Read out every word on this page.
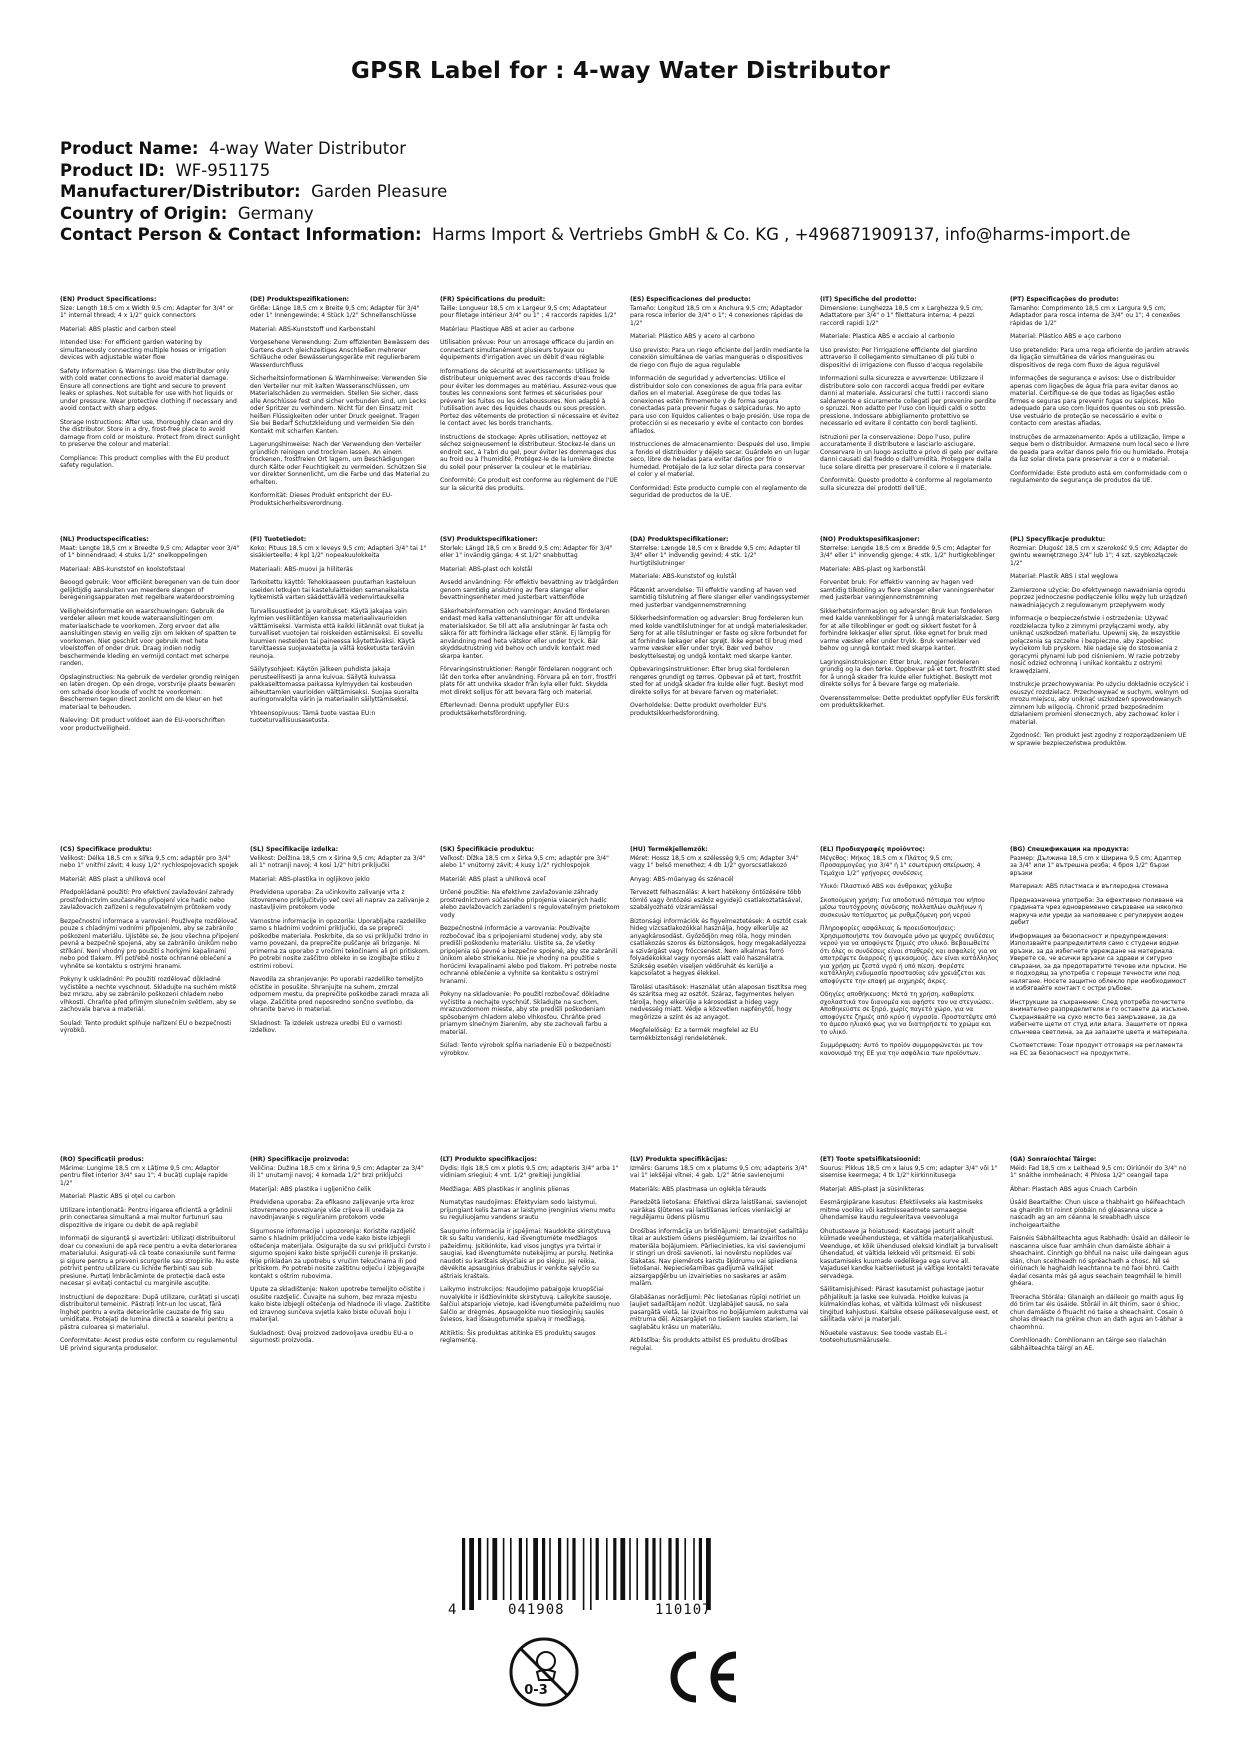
GPSR Label for : 4-way Water Distributor
Product Name: 4-way Water Distributor
Product ID: WF-951175
Manufacturer/Distributor: Garden Pleasure
Country of Origin: Germany
Contact Person & Contact Information: Harms Import & Vertriebs GmbH & Co. KG , +496871909137, info@harms-import.de

(EN) Product Specifications:

Size: Length 18.5 cm x Width 9.5 cm; Adapter for 3/4" or 1" internal thread; 4 x 1/2" quick connectors

Material: ABS plastic and carbon steel

Intended Use: For efficient garden watering by simultaneously connecting multiple hoses or irrigation devices with adjustable water flow

Safety Information & Warnings: Use the distributor only with cold water connections to avoid material damage. Ensure all connections are tight and secure to prevent leaks or splashes. Not suitable for use with hot liquids or under pressure. Wear protective clothing if necessary and avoid contact with sharp edges.

Storage Instructions: After use, thoroughly clean and dry the distributor. Store in a dry, frost-free place to avoid damage from cold or moisture. Protect from direct sunlight to preserve the colour and material.

Compliance: This product complies with the EU product safety regulation.

(DE) Produktspezifikationen:

Größe: Länge 18,5 cm x Breite 9,5 cm; Adapter für 3/4" oder 1" Innengewinde; 4 Stück 1/2" Schnellanschlüsse

Material: ABS-Kunststoff und Karbonstahl

Vorgesehene Verwendung: Zum effizienten Bewässern des Gartens durch gleichzeitiges Anschließen mehrerer Schläuche oder Bewässerungsgeräte mit regulierbarem Wasserdurchfluss

Sicherheitsinformationen & Warnhinweise: Verwenden Sie den Verteiler nur mit kalten Wasseranschlüssen, um Materialschäden zu vermeiden. Stellen Sie sicher, dass alle Anschlüsse fest und sicher verbunden sind, um Lecks oder Spritzer zu verhindern. Nicht für den Einsatz mit heißen Flüssigkeiten oder unter Druck geeignet. Tragen Sie bei Bedarf Schutzkleidung und vermeiden Sie den Kontakt mit scharfen Kanten.

Lagerungshinweise: Nach der Verwendung den Verteiler gründlich reinigen und trocknen lassen. An einem trockenen, frostfreien Ort lagern, um Beschädigungen durch Kälte oder Feuchtigkeit zu vermeiden. Schützen Sie vor direkter Sonnenlicht, um die Farbe und das Material zu erhalten.

Konformität: Dieses Produkt entspricht der EU-Produktsicherheitsverordnung.

(FR) Spécifications du produit:

Taille: Longueur 18,5 cm x Largeur 9,5 cm; Adaptateur pour filetage intérieur 3/4" ou 1" ; 4 raccords rapides 1/2"

Matériau: Plastique ABS et acier au carbone

Utilisation prévue: Pour un arrosage efficace du jardin en connectant simultanément plusieurs tuyaux ou équipements d'irrigation avec un débit d'eau réglable

Informations de sécurité et avertissements: Utilisez le distributeur uniquement avec des raccords d'eau froide pour éviter les dommages au matériau. Assurez-vous que toutes les connexions sont fermes et sécurisées pour prévenir les fuites ou les éclaboussures. Non adapté à l'utilisation avec des liquides chauds ou sous pression. Portez des vêtements de protection si nécessaire et évitez le contact avec les bords tranchants.

Instructions de stockage: Après utilisation, nettoyez et séchez soigneusement le distributeur. Stockez-le dans un endroit sec, à l'abri du gel, pour éviter les dommages dus au froid ou à l'humidité. Protégez-le de la lumière directe du soleil pour préserver la couleur et le matériau.

Conformité: Ce produit est conforme au règlement de l'UE sur la sécurité des produits.

(ES) Especificaciones del producto:

Tamaño: Longitud 18,5 cm x Anchura 9,5 cm; Adaptador para rosca interior de 3/4" o 1"; 4 conexiones rápidas de 1/2"

Material: Plástico ABS y acero al carbono

Uso previsto: Para un riego eficiente del jardín mediante la conexión simultánea de varias mangueras o dispositivos de riego con flujo de agua regulable

Información de seguridad y advertencias: Utilice el distribuidor solo con conexiones de agua fría para evitar daños en el material. Asegúrese de que todas las conexiones estén firmemente y de forma segura conectadas para prevenir fugas o salpicaduras. No apto para uso con líquidos calientes o bajo presión. Use ropa de protección si es necesario y evite el contacto con bordes afilados.

Instrucciones de almacenamiento: Después del uso, limpie a fondo el distribuidor y déjelo secar. Guárdelo en un lugar seco, libre de heladas para evitar daños por frío o humedad. Protéjalo de la luz solar directa para conservar el color y el material.

Conformidad: Este producto cumple con el reglamento de seguridad de productos de la UE.

(IT) Specifiche del prodotto:

Dimensione: Lunghezza 18,5 cm x Larghezza 9,5 cm; Adattatore per 3/4" o 1" filettatura interna; 4 pezzi raccordi rapidi 1/2"

Materiale: Plastica ABS e acciaio al carbonio

Uso previsto: Per l'irrigazione efficiente del giardino attraverso il collegamento simultaneo di più tubi o dispositivi di irrigazione con flusso d'acqua regolabile

Informazioni sulla sicurezza e avvertenze: Utilizzare il distributore solo con raccordi acqua freddi per evitare danni al materiale. Assicurarsi che tutti i raccordi siano saldamente e sicuramente collegati per prevenire perdite o spruzzi. Non adatto per l'uso con liquidi caldi o sotto pressione. Indossare abbigliamento protettivo se necessario ed evitare il contatto con bordi taglienti.

Istruzioni per la conservazione: Dopo l'uso, pulire accuratamente il distributore e lasciarlo asciugare. Conservare in un luogo asciutto e privo di gelo per evitare danni causati dal freddo o dall'umidità. Proteggere dalla luce solare diretta per preservare il colore e il materiale.

Conformità: Questo prodotto è conforme al regolamento sulla sicurezza dei prodotti dell'UE.

(PT) Especificações do produto:

Tamanho: Comprimento 18,5 cm x Largura 9,5 cm; Adaptador para rosca interna de 3/4" ou 1"; 4 conexões rápidas de 1/2"

Material: Plástico ABS e aço carbono

Uso pretendido: Para uma rega eficiente do jardim através da ligação simultânea de vários mangueiras ou dispositivos de rega com fluxo de água regulável

Informações de segurança e avisos: Use o distribuidor apenas com ligações de água fria para evitar danos ao material. Certifique-se de que todas as ligações estão firmes e seguras para prevenir fugas ou salpicos. Não adequado para uso com líquidos quentes ou sob pressão. Use vestuário de proteção se necessário e evite o contacto com arestas afiadas.

Instruções de armazenamento: Após a utilização, limpe e seque bem o distribuidor. Armazene num local seco e livre de geada para evitar danos pelo frio ou humidade. Proteja da luz solar direta para preservar a cor e o material.

Conformidade: Este produto está em conformidade com o regulamento de segurança de produtos da UE.

(NL) Productspecificaties:

Maat: Lengte 18,5 cm x Breedte 9,5 cm; Adapter voor 3/4" of 1" binnendraad; 4 stuks 1/2" snelkoppelingen

Materiaal: ABS-kunststof en koolstofstaal

Beoogd gebruik: Voor efficiënt beregenen van de tuin door gelijktijdig aansluiten van meerdere slangen of beregeningsapparaten met regelbare waterdoorstroming

Veiligheidsinformatie en waarschuwingen: Gebruik de verdeler alleen met koude wateraansluitingen om materiaalschade te voorkomen. Zorg ervoor dat alle aansluitingen stevig en veilig zijn om lekken of spatten te voorkomen. Niet geschikt voor gebruik met hete vloeistoffen of onder druk. Draag indien nodig beschermende kleding en vermijd contact met scherpe randen.

Opslaginstructies: Na gebruik de verdeler grondig reinigen en laten drogen. Op een droge, vorstvrije plaats bewaren om schade door koude of vocht te voorkomen. Beschermen tegen direct zonlicht om de kleur en het materiaal te behouden.

Naleving: Dit product voldoet aan de EU-voorschriften voor productveiligheid.

(FI) Tuotetiedot:

Koko: Pituus 18,5 cm x leveys 9,5 cm; Adapteri 3/4" tai 1" sisäkierteelle; 4 kpl 1/2" nopeakuulokkeita

Materiaali: ABS-muovi ja hiiliteräs

Tarkoitettu käyttö: Tehokkaaseen puutarhan kasteluun useiden letkujen tai kastelulaitteiden samanaikaista kytkemistä varten säädettävällä vedenvirtauksella

Turvallisuustiedot ja varoitukset: Käytä jakajaa vain kylmien vesiliitäntöjen kanssa materiaalivaurioiden välttämiseksi. Varmista että kaikki liitännät ovat tiukat ja turvalliset vuotojen tai roiskeiden estämiseksi. Ei sovellu kuumien nesteiden tai paineessa käytettäväksi. Käytä tarvittaessa suojavaatetta ja vältä kosketusta teräviin reunoja.

Säilytysohjeet: Käytön jälkeen puhdista jakaja perusteellisesti ja anna kuivua. Säilytä kuivassa pakkaselttomassa paikassa kylmyyden tai kosteuden aiheuttamien vaurioiden välttämiseksi. Suojaa suoralta auringonvalolta värin ja materiaalin säilyttämiseksi.

Yhteensopivuus: Tämä tuote vastaa EU:n tuoteturvallisuusasetusta.

(SV) Produktspecifikationer:

Storlek: Längd 18,5 cm x Bredd 9,5 cm; Adapter för 3/4" eller 1" invändig gänga; 4 st 1/2" snabbuttag

Material: ABS-plast och kolstål

Avsedd användning: För effektiv bevattning av trädgården genom samtidig anslutning av flera slangar eller bevattningsenheter med justerbart vattenflöde

Säkerhetsinformation och varningar: Använd fördelaren endast med kalla vattenanslutningar för att undvika materialskador. Se till att alla anslutningar är fasta och säkra för att förhindra läckage eller stänk. Ej lämplig för användning med heta vätskor eller under tryck. Bär skyddsutrustning vid behov och undvik kontakt med skarpa kanter.

Förvaringsinstruktioner: Rengör fördelaren noggrant och låt den torka efter användning. Förvara på en torr, frostfri plats för att undvika skador från kyla eller fukt. Skydda mot direkt solljus för att bevara färg och material.

Efterlevnad: Denna produkt uppfyller EU:s produktsäkerhetsförordning.

(DA) Produktspecifikationer:

Størrelse: Længde 18,5 cm x Bredde 9,5 cm; Adapter til 3/4" eller 1" indvendig gevind; 4 stk. 1/2" hurtigtilslutninger

Materiale: ABS-kunststof og kulstål

Påtænkt anvendelse: Til effektiv vanding af haven ved samtidig tilslutning af flere slanger eller vandingssystemer med justerbar vandgennemstrømning

Sikkerhedsinformation og advarsler: Brug fordeleren kun med kolde vandtilslutninger for at undgå materialeskader. Sørg for at alle tilslutninger er faste og sikre forbundet for at forhindre lækager eller sprøjt. Ikke egnet til brug med varme væsker eller under tryk. Bær ved behov beskyttelsestøj og undgå kontakt med skarpe kanter.

Opbevaringsinstruktioner: Efter brug skal fordeleren rengøres grundigt og tørres. Opbevar på et tørt, frostfrit sted for at undgå skader fra kulde eller fugt. Beskyt mod direkte sollys for at bevare farven og materialet.

Overholdelse: Dette produkt overholder EU's produktsikkerhedsforordning.

(NO) Produktspesifikasjoner:

Størrelse: Lengde 18,5 cm x Bredde 9,5 cm; Adapter for 3/4" eller 1" innvendig gjenge; 4 stk. 1/2" hurtigkoblinger

Materiale: ABS-plast og karbonstål

Forventet bruk: For effektiv vanning av hagen ved samtidig tilkobling av flere slanger eller vanningsenheter med justerbar vanngjennomstrømning

Sikkerhetsinformasjon og advarsler: Bruk kun fordeleren med kalde vannkoblinger for å unngå materialskader. Sørg for at alle tilkoblinger er godt og sikkert festet for å forhindre lekkasjer eller sprut. Ikke egnet for bruk med varme væsker eller under trykk. Bruk verneklær ved behov og unngå kontakt med skarpe kanter.

Lagringsinstruksjoner: Etter bruk, rengjør fordeleren grundig og la den tørke. Oppbevar på et tørt, frostfritt sted for å unngå skader fra kulde eller fuktighet. Beskytt mot direkte sollys for å bevare farge og materiale.

Overensstemmelse: Dette produktet oppfyller EUs forskrift om produktsikkerhet.

(PL) Specyfikacje produktu:

Rozmiar: Długość 18,5 cm x szerokość 9,5 cm; Adapter do gwintu wewnętrznego 3/4" lub 1"; 4 szt. szybkozłączek 1/2"

Materiał: Plastik ABS i stal węglowa

Zamierzone użycie: Do efektywnego nawadniania ogrodu poprzez jednoczesne podłączenie kilku węży lub urządzeń nawadniających z regulowanym przepływem wody

Informacje o bezpieczeństwie i ostrzeżenia: Używać rozdzielacza tylko z zimnymi przyłączami wody, aby uniknąć uszkodzeń materiału. Upewnij się, że wszystkie połączenia są szczelne i bezpieczne, aby zapobiec wyciekom lub pryskom. Nie nadaje się do stosowania z gorącymi płynami lub pod ciśnieniem. W razie potrzeby nosić odzież ochronną i unikać kontaktu z ostrymi krawędziami.

Instrukcje przechowywania: Po użyciu dokładnie oczyścić i osuszyć rozdzielacz. Przechowywać w suchym, wolnym od mrozu miejscu, aby uniknąć uszkodzeń spowodowanych zimnem lub wilgocią. Chronić przed bezpośrednim działaniem promieni słonecznych, aby zachować kolor i materiał.

Zgodność: Ten produkt jest zgodny z rozporządzeniem UE w sprawie bezpieczeństwa produktów.

(CS) Specifikace produktu:

Velikost: Délka 18,5 cm x šířka 9,5 cm; adaptér pro 3/4" nebo 1" vnitřní závit; 4 kusy 1/2" rychlospojovacích spojek

Materiál: ABS plast a uhlíková ocel

Předpokládané použití: Pro efektivní zavlažování zahrady prostřednictvím současného připojení více hadic nebo zavlažovacích zařízení s regulovatelným průtokem vody

Bezpečnostní informace a varování: Používejte rozdělovač pouze s chladnými vodními přípojeními, aby se zabránilo poškození materiálu. Ujistěte se, že jsou všechna připojení pevná a bezpečně spojená, aby se zabránilo únikům nebo stříkání. Není vhodný pro použití s horkými kapalinami nebo pod tlakem. Při potřebě noste ochranné oblečení a vyhněte se kontaktu s ostrými hranami.

Pokyny k uskladnění: Po použití rozdělovač důkladně vyčistěte a nechte vyschnout. Skladujte na suchém místě bez mrazu, aby se zabránilo poškození chladem nebo vlhkostí. Chraňte před přímým slunečním světlem, aby se zachovala barva a materiál.

Soulad: Tento produkt splňuje nařízení EU o bezpečnosti výrobků.

(SL) Specifikacije izdelka:

Velikost: Dolžina 18,5 cm x širina 9,5 cm; Adapter za 3/4" ali 1" notranji navoj; 4 kosi 1/2" hitri priključki

Material: ABS-plastika in ogljikovo jeklo

Predvidena uporaba: Za učinkovito zalivanje vrta z istovremeno priključitvijo več cevi ali naprav za zalivanje z nastavljivim pretokom vode

Varnostne informacije in opozorila: Uporabljajte razdelilko samo s hladnimi vodnimi priključki, da se prepreči poškodbe materiala. Poskrbite, da so vsi priključki trdno in varno povezani, da preprečite puščanje ali brizganje. Ni primerna za uporabo z vročimi tekočinami ali pri pritiskom. Po potrebi nosite zaščitno obleko in se izogibajte stiku z ostrimi robovi.

Navodila za shranjevanje: Po uporabi razdelilko temeljito očistite in posušite. Shranjujte na suhem, zmrzal odpornem mestu, da preprečite poškodbe zaradi mraza ali vlage. Zaščitite pred neposredno sončno svetlobo, da ohranite barvo in material.

Skladnost: Ta izdelek ustreza uredbi EU o varnosti izdelkov.

(SK) Špecifikácie produktu:

Veľkosť: Dĺžka 18,5 cm x šírka 9,5 cm; adaptér pre 3/4" alebo 1" vnútorný závit; 4 kusy 1/2" rýchlospojok

Materiál: ABS plast a uhlíková oceľ

Určené použitie: Na efektívne zavlažovanie záhrady prostredníctvom súčasného pripojenia viacerých hadíc alebo zavlažovacích zariadení s regulovateľným prietokom vody

Bezpečnostné informácie a varovania: Používajte rozbočovač iba s pripojeniami studenej vody, aby ste predišli poškodeniu materiálu. Uistite sa, že všetky pripojenia sú pevné a bezpečne spojené, aby ste zabránili únikom alebo striekaniu. Nie je vhodný na použitie s horúcimi kvapalinami alebo pod tlakom. Pri potrebe noste ochranné oblečenie a vyhnite sa kontaktu s ostrými hranami.

Pokyny na skladovanie: Po použití rozbočovač dôkladne vyčistite a nechajte vyschnúť. Skladujte na suchom, mrazuvzdornom mieste, aby ste predišli poškodeniam spôsobeným chladom alebo vlhkosťou. Chráňte pred priamym slnečným žiarením, aby ste zachovali farbu a materiál.

Súlad: Tento výrobok spĺňa nariadenie EÚ o bezpečnosti výrobkov.

(HU) Termékjellemzők:

Méret: Hossz 18,5 cm x szélesség 9,5 cm; Adapter 3/4" vagy 1" belső menethez; 4 db 1/2" gyorscsatlakozó

Anyag: ABS-műanyag és szénacél

Tervezett felhasználás: A kert hatékony öntözésére több tömlő vagy öntözési eszköz egyidejű csatlakoztatásával, szabályozható vízáramlással

Biztonsági információk és figyelmeztetések: A osztót csak hideg vízcsatlakozókkal használja, hogy elkerülje az anyagkárosodást. Győződjön meg róla, hogy minden csatlakozás szoros és biztonságos, hogy megakadályozza a szivárgást vagy fröccsenést. Nem alkalmas forró folyadékokkal vagy nyomás alatt való használatra. Szükség esetén viseljen védőruhát és kerülje a kapcsolatot a hegyes élekkel.

Tárolási utasítások: Használat után alaposan tisztítsa meg és szárítsa meg az osztót. Száraz, fagymentes helyen tárolja, hogy elkerülje a károsodást a hideg vagy nedvesség miatt. Védje a közvetlen napfénytől, hogy megőrizze a színt és az anyagot.

Megfelelőség: Ez a termék megfelel az EU termékbiztonsági rendeletének.

(EL) Προδιαγραφές προϊόντος:

Μέγεθος: Μήκος 18,5 cm x Πλάτος 9,5 cm; Προσαρμογέας για 3/4" ή 1" εσωτερική σπείρωση; 4 Τεμάχια 1/2" γρήγορες συνδέσεις

Υλικό: Πλαστικό ABS και άνθρακας χάλυβα

Σκοπούμενη χρήση: Για αποδοτικό πότισμα του κήπου μέσω ταυτόχρονης σύνδεσης πολλαπλών σωλήνων ή συσκευών ποτίσματος με ρυθμιζόμενη ροή νερού

Πληροφορίες ασφάλειας & προειδοποιήσεις: Χρησιμοποιήστε τον διανομέα μόνο με ψυχρές συνδέσεις νερού για να αποφύγετε ζημιές στο υλικό. Βεβαιωθείτε ότι όλες οι συνδέσεις είναι σταθερές και ασφαλείς για να αποτρέψετε διαρροές ή ψεκασμούς. Δεν είναι κατάλληλος για χρήση με ζεστά υγρά ή υπό πίεση. Φορέστε κατάλληλη ενδυμασία προστασίας εάν χρειάζεται και αποφύγετε την επαφή με αιχμηρές άκρες.

Οδηγίες αποθήκευσης: Μετά τη χρήση, καθαρίστε σχολαστικά τον διανομέα και αφήστε τον να στεγνώσει. Αποθηκεύστε σε ξηρό, χωρίς παγετό χώρο, για να αποφύγετε ζημιές από κρύο ή υγρασία. Προστατέψτε από το άμεσο ηλιακό φως για να διατηρήσετε το χρώμα και το υλικό.

Συμμόρφωση: Αυτό το προϊόν συμμορφώνεται με τον κανονισμό της ΕΕ για την ασφάλεια των προϊόντων.

(BG) Спецификации на продукта:

Размер: Дължина 18,5 cm x Ширина 9,5 cm; Адаптер за 3/4" или 1" вътрешна резба; 4 броя 1/2" бързи връзки

Материал: ABS пластмаса и въглеродна стомана

Предназначена употреба: За ефективно поливане на градината чрез едновременно свързване на няколко маркуча или уреди за напояване с регулируем воден дебит

Информация за безопасност и предупреждения: Използвайте разпределителя само с студени водни връзки, за да избегнете увреждане на материала. Уверете се, че всички връзки са здрави и сигурно свързани, за да предотвратите течове или пръски. Не е подходящ за употреба с горещи течности или под налягане. Носете защитно облекло при необходимост и избягвайте контакт с остри ръбове.

Инструкции за съхранение: След употреба почистете внимателно разпределителя и го оставете да изсъхне. Съхранявайте на сухо място без замръзване, за да избегнете щети от студ или влага. Защитете от пряка слънчева светлина, за да запазите цвета и материала.

Съответствие: Този продукт отговаря на регламента на ЕС за безопасност на продуктите.

(RO) Specificații produs:

Mărime: Lungime 18,5 cm x Lățime 9,5 cm; Adaptor pentru filet interior 3/4" sau 1"; 4 bucăți cuplaje rapide 1/2"

Material: Plastic ABS și oțel cu carbon

Utilizare intenționată: Pentru irigarea eficientă a grădinii prin conectarea simultană a mai multor furtunuri sau dispozitive de irigare cu debit de apă reglabil

Informații de siguranță și avertizări: Utilizați distribuitorul doar cu conexiuni de apă rece pentru a evita deteriorarea materialului. Asigurați-vă că toate conexiunile sunt ferme și sigure pentru a preveni scurgerile sau stropirile. Nu este potrivit pentru utilizare cu lichide fierbinți sau sub presiune. Purtați îmbrăcăminte de protecție dacă este necesar și evitați contactul cu marginile ascuțite.

Instrucțiuni de depozitare: După utilizare, curățați și uscați distribuitorul temeinic. Păstrați într-un loc uscat, fără îngheț pentru a evita deteriorările cauzate de frig sau umiditate. Protejați de lumina directă a soarelui pentru a păstra culoarea și materialul.

Conformitate: Acest produs este conform cu regulamentul UE privind siguranța produselor.

(HR) Specifikacije proizvoda:

Veličina: Dužina 18,5 cm x širina 9,5 cm; Adapter za 3/4" ili 1" unutarnji navoj; 4 komada 1/2" brzi priključci

Materijal: ABS plastika i ugljenično čelik

Predviđena uporaba: Za efikasno zalijevanje vrta kroz istovremeno povezivanje više crijeva ili uređaja za navodnjavanje s reguliranim protokom vode

Sigurnosne informacije i upozorenja: Koristite razdjelić samo s hladnim priključcima vode kako biste izbjegli oštećenja materijala. Osigurajte da su svi priključci čvrsto i sigurno spojeni kako biste spriječili curenje ili prskanje. Nije prikladan za upotrebu s vrućim tekućinama ili pod pritiskom. Po potrebi nosite zaštitnu odjeću i izbjegavajte kontakt s oštrim rubovima.

Upute za skladištenje: Nakon upotrebe temeljito očistite i osušite razdjelić. Čuvajte na suhom, bez mraza mjestu kako biste izbjegli oštećenja od hladnoće ili vlage. Zaštitite od izravnog sunčeva svjetla kako biste očuvali boju i materijal.

Sukladnost: Ovaj proizvod zadovoljava uredbu EU-a o sigurnosti proizvoda.

(LT) Produkto specifikacijos:

Dydis: Ilgis 18,5 cm x plotis 9,5 cm; adapteris 3/4" arba 1" vidiniam sriegiui; 4 vnt. 1/2" greitieji jungikliai

Medžiaga: ABS plastikas ir anglinis plienas

Numatytas naudojimas: Efektyviam sodo laistymui, prijungiant kelis žarnas ar laistymo įrenginius vienu metu su reguliuojamu vandens srautu

Saugumo informacija ir įspėjimai: Naudokite skirstytuvą tik su šaltu vandeniu, kad išvengtumėte medžiagos pažeidimų. Įsitikinkite, kad visos jungtys yra tvirtai ir saugiai, kad išvengtumėte nutekėjimų ar purslų. Netinka naudoti su karštais skysčiais ar po slėgiu. Jei reikia, dėvėkite apsauginius drabužius ir venkite sąlyčio su aštriais kraštais.

Laikymo instrukcijos: Naudojimo pabaigoje kruopščiai nuvalykite ir išdžiovinkite skirstytuvą. Laikykite sausoje, šalčiui atsparioje vietoje, kad išvengtumėte pažeidimų nuo šalčio ar drėgmės. Apsaugokite nuo tiesioginių saulės šviesos, kad išsaugotumėte spalvą ir medžiagą.

Atitiktis: Šis produktas atitinka ES produktų saugos reglamentą.

(LV) Produkta specifikācijas:

Izmērs: Garums 18,5 cm x platums 9,5 cm; adapteris 3/4" vai 1" iekšējai vītnei; 4 gab. 1/2" ātrie savienojumi

Materiāls: ABS plastmasa un oglekļa tērauds

Paredzētā lietošana: Efektīvai dārza laistīšanai, savienojot vairākas šļūtenes vai laistīšanas ierīces vienlaicīgi ar regulējamu ūdens plūsmu

Drošības informācija un brīdinājumi: Izmantojiet sadalītāju tikai ar aukstiem ūdens pieslēgumiem, lai izvairītos no materiāla bojājumiem. Pārliecinieties, ka visi savienojumi ir stingri un droši savienoti, lai novērstu noplūdes vai šļakatas. Nav piemērots karstu šķidrumu vai spiediena lietošanai. Nepieciešamības gadījumā valkājiet aizsargapģērbu un izvairieties no saskares ar asām malām.

Glabāšanas norādījumi: Pēc lietošanas rūpīgi notīriet un ļaujiet sadalītājam nožūt. Uzglabājiet sausā, no sala pasargātā vietā, lai izvairītos no bojājumiem aukstuma vai mitruma dēļ. Aizsargājiet no tiešiem saules stariem, lai saglabātu krāsu un materiālu.

Atbilstība: Šis produkts atbilst ES produktu drošības regulai.

(ET) Toote spetsifikatsioonid:

Suurus: Pikkus 18,5 cm x laius 9,5 cm; adapter 3/4" või 1" sisemise keermega; 4 tk 1/2" kiirkinnitusega

Materjal: ABS-plast ja süsinikteras

Eesmärgipärane kasutus: Efektiivseks aia kastmiseks mitme vooliku või kastmisseadmete samaaegse ühendamise kaudu reguleeritava veevooluga

Ohutusteave ja hoiatused: Kasutage jaoturit ainult külmade veeühendustega, et vältida materjalikahjustusi. Veenduge, et kõik ühendused oleksid kindlalt ja turvaliselt ühendatud, et vältida lekkeid või pritsmeid. Ei sobi kasutamiseks kuumade vedelikega ega surve all. Vajadusel kandke kaitseriietust ja vältige kontakti teravate servadega.

Säilitamisjuhised: Pärast kasutamist puhastage jaotur põhjalikult ja laske see kuivada. Hoidke kuivas ja külmakindlas kohas, et vältida külmast või niiskusest tingitud kahjustusi. Kaitske otsese päikesevalguse eest, et säilitada värvi ja materjali.

Nõuetele vastavus: See toode vastab EL-i tooteohutusmäärusele.

(GA) Sonraíochtaí Táirge:

Méid: Fad 18,5 cm x Leithead 9,5 cm; Oiriúnóir do 3/4" nó 1" snáithe inmheánach; 4 Phíosa 1/2" ceangail tapa

Ábhar: Plastach ABS agus Cruach Carbóin

Úsáid Beartaithe: Chun uisce a thabhairt go héifeachtach sa ghairdín trí roinnt píobáin nó gléasanna uisce a nascadh ag an am céanna le sreabhadh uisce inchoigeartaithe

Faisnéis Sábháilteachta agus Rabhadh: Úsáid an dáileoir le nascanna uisce fuar amháin chun damáiste ábhair a sheachaint. Cinntigh go bhfuil na naisc uile daingean agus slán, chun sceitheadh nó spréachadh a chosc. Níl sé oiriúnach le haghaidh leachtanna te nó faoi bhrú. Caith éadaí cosanta más gá agus seachain teagmháil le himill ghéara.

Treoracha Stórála: Glanaigh an dáileoir go maith agus lig dó tirim tar éis úsáide. Stóráil in áit thirim, saor ó shioc, chun damáiste ó fhuacht nó taise a sheachaint. Cosain ó sholas díreach na gréine chun an dath agus an t-ábhar a chaomhnú.

Comhlíonadh: Comhlíonann an táirge seo rialachán sábháilteachta táirgí an AE.

4	041908	110107
0-3
